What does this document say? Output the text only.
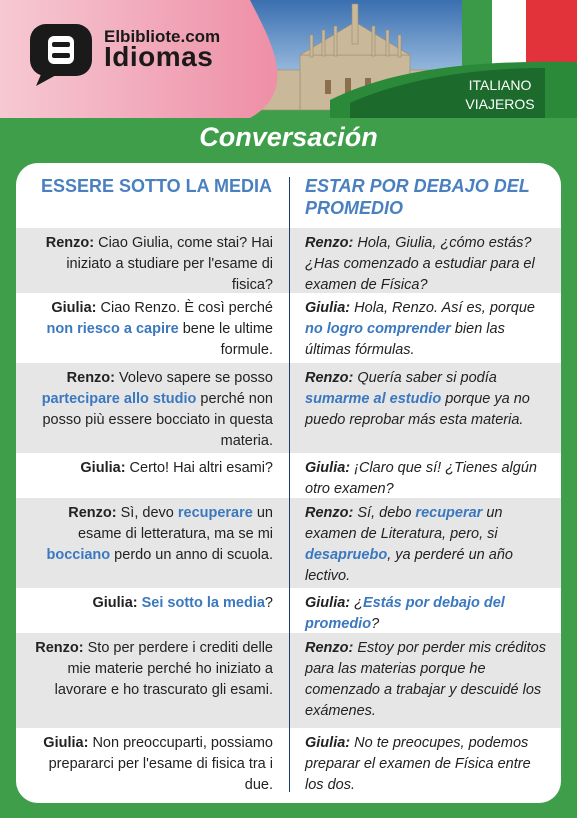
Elbibliote.com
Idiomas
ITALIANO
VIAJEROS
Conversación
ESSERE SOTTO LA MEDIA ESTAR POR DEBAJO DEL PROMEDIO
Renzo: Ciao Giulia, come stai? Hai iniziato a studiare per l'esame di fisica?
Renzo: Hola, Giulia, ¿cómo estás? ¿Has comenzado a estudiar para el examen de Física?
Giulia: Ciao Renzo. È così perché non riesco a capire bene le ultime formule.
Giulia: Hola, Renzo. Así es, porque no logro comprender bien las últimas fórmulas.
Renzo: Volevo sapere se posso partecipare allo studio perché non posso più essere bocciato in questa materia.
Renzo: Quería saber si podía sumarme al estudio porque ya no puedo reprobar más esta materia.
Giulia: Certo! Hai altri esami? Giulia: ¡Claro que sí! ¿Tienes algún otro examen?
Renzo: Sì, devo recuperare un esame di letteratura, ma se mi bocciano perdo un anno di scuola.
Renzo: Sí, debo recuperar un examen de Literatura, pero, si desapruebo, ya perderé un año lectivo.
Giulia: Sei sotto la media? Giulia: ¿Estás por debajo del promedio?
Renzo: Sto per perdere i crediti delle mie materie perché ho iniziato a lavorare e ho trascurato gli esami.
Renzo: Estoy por perder mis créditos para las materias porque he comenzado a trabajar y descuidé los exámenes.
Giulia: Non preoccuparti, possiamo prepararci per l'esame di fisica tra i due.
Giulia: No te preocupes, podemos preparar el examen de Física entre los dos.
